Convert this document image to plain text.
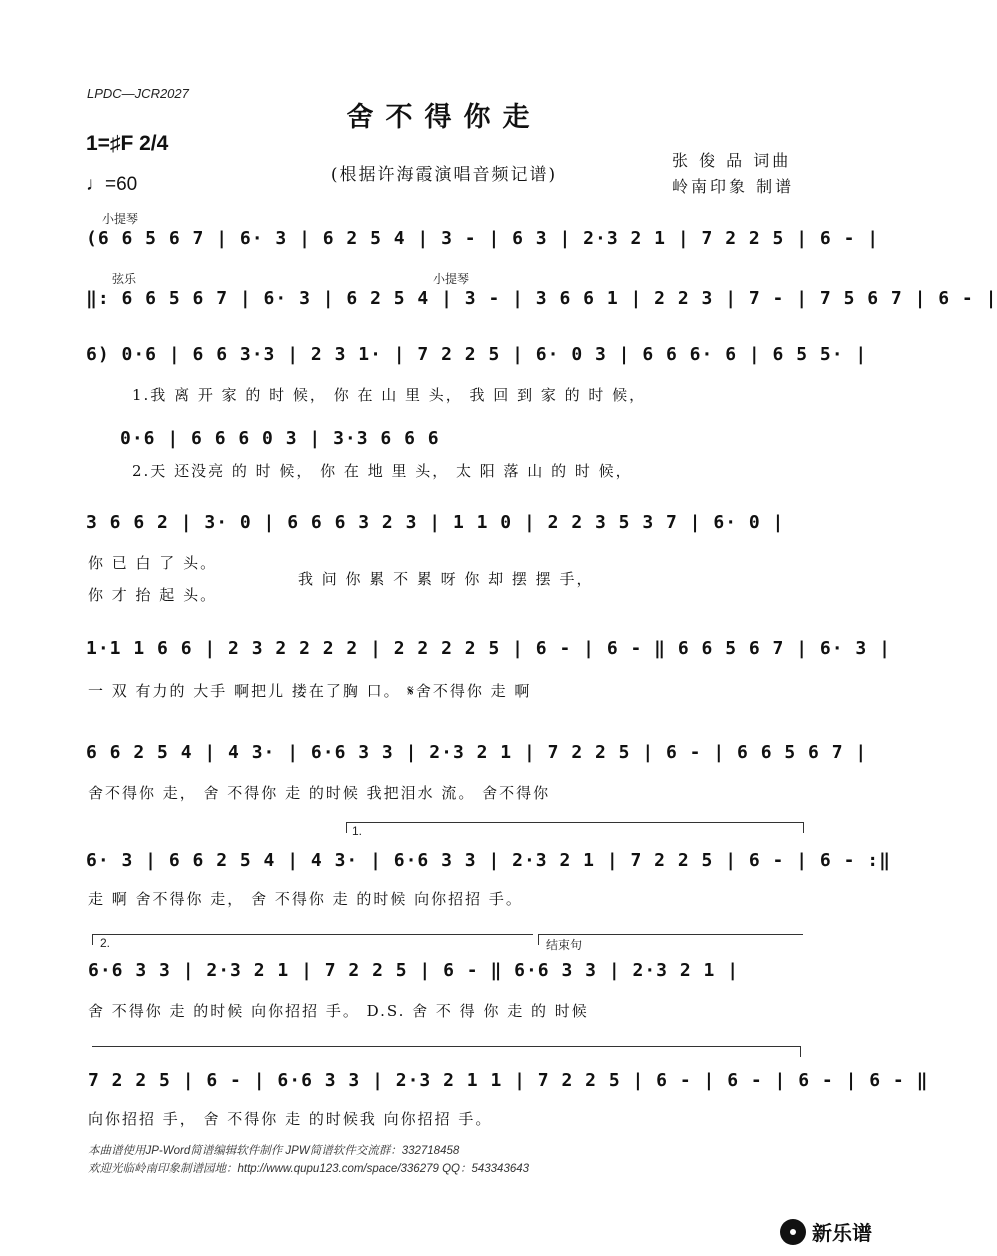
LPDC—JCR2027
舍不得你走
1=♯F 2/4
♩=60	(根据许海霞演唱音频记谱)
张 俊 品 词曲
岭南印象 制谱
小提琴
(6 6 5 6 7 | 6· 3 | 6 2 5 4 | 3 - | 6 3 | 2·3 2 1 | 7 2 2 5 | 6 - |
弦乐	小提琴
‖: 6 6 5 6 7 | 6· 3 | 6 2 5 4 | 3 - | 3 6 6 1 | 2 2 3 | 7 - | 7 5 6 7 | 6 - |
6) 0·6 | 6 6 3·3 | 2 3 1· | 7 2 2 5 | 6· 0 3 | 6 6 6· 6 | 6 5 5· |
1.我 离 开 家 的 时 候， 你 在 山 里 头， 我 回 到 家 的 时 候，
0·6 | 6 6 6 0 3 | 3·3 6 6 6
2.天 还没亮 的 时 候， 你 在 地 里 头， 太 阳 落 山 的 时 候，
3 6 6 2 | 3· 0 | 6 6 6 3 2 3 | 1 1 0 | 2 2 3 5 3 7 | 6· 0 |
你 已 白 了 头。
你 才 抬 起 头。
我 问 你 累 不 累 呀 你 却 摆 摆 手，
1·1 1 6 6 | 2 3 2 2 2 2 | 2 2 2 2 5 | 6 - | 6 - ‖ 6 6 5 6 7 | 6· 3 |
一 双 有力的 大手 啊把儿 搂在了胸 口。 𝄋舍不得你 走 啊
6 6 2 5 4 | 4 3· | 6·6 3 3 | 2·3 2 1 | 7 2 2 5 | 6 - | 6 6 5 6 7 |
舍不得你 走， 舍 不得你 走 的时候 我把泪水 流。 舍不得你
1.
6· 3 | 6 6 2 5 4 | 4 3· | 6·6 3 3 | 2·3 2 1 | 7 2 2 5 | 6 - | 6 - :‖
走 啊 舍不得你 走， 舍 不得你 走 的时候 向你招招 手。
2.	结束句
6·6 3 3 | 2·3 2 1 | 7 2 2 5 | 6 - ‖ 6·6 3 3 | 2·3 2 1 |
舍 不得你 走 的时候 向你招招 手。 D.S. 舍 不 得 你 走 的 时候
7 2 2 5 | 6 - | 6·6 3 3 | 2·3 2 1 1 | 7 2 2 5 | 6 - | 6 - | 6 - | 6 - ‖
向你招招 手， 舍 不得你 走 的时候我 向你招招 手。
本曲谱使用JP-Word简谱编辑软件制作 JPW简谱软件交流群：332718458
欢迎光临岭南印象制谱园地：http://www.qupu123.com/space/336279 QQ：543343643
新乐谱
